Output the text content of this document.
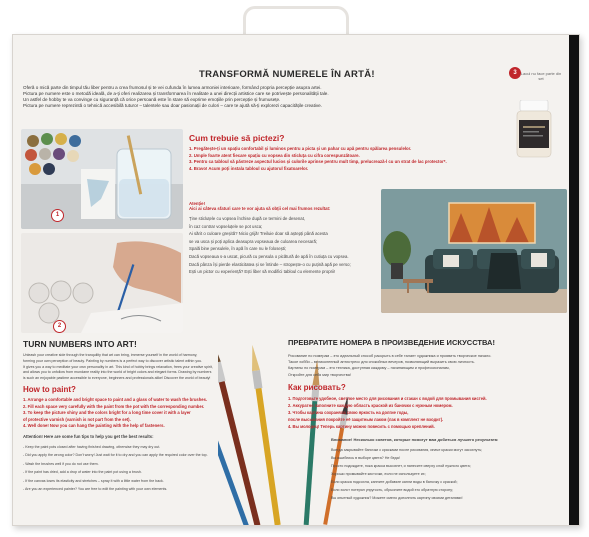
TRANSFORMĂ NUMERELE ÎN ARTĂ!
Oferă o mică parte din timpul tău liber pentru a crea frumosul și te vei cufunda în lumea armoniei interioare, formând propria percepție asupra artei.
Pictura pe numere este o metodă ideală, de a-ți oferi realizarea și transformarea în realitate a unei direcții artistice care se potrivește personalității tale.
Un astfel de hobby te va convinge cu siguranță că orice persoană este în stare să exprime emoțiile prin percepție și frumusețe.
Pictura pe numere reprezintă o tehnică accesibilă tuturor – talentele sau doar pasionații de culori – care te ajută să-ți explorezi capacitățile creative.
3	Lacul nu face parte din set
1
2
Cum trebuie să pictezi?
1. Pregătește-ți un spațiu confortabil și luminos pentru a picta și un pahar cu apă pentru spălarea pensulelor.
2. Umple foarte atent fiecare spațiu cu vopsea din sticluța cu cifra corespunzătoare.
3. Pentru ca tabloul să păstreze aspectul lucios și culorile aprinse pentru mult timp, prelucrează-l cu un strat de lac protector*.
4. Bravo! Acum poți instala tabloul cu ajutorul fixatoarelor.
Atenție!
Aici ai câteva sfaturi care te vor ajuta să obții cel mai frumos rezultat:
Ține sticluțele cu vopsea închise după ce termini de desenat,
în caz contrar vopseluțele se pot usca;
Ai sărit o culoare greșită? Nicio grijă! Treiluie doar să aștepți până acesta
se va usca și poți aplica deasupra vopseaua de culoarea necesară;
Spală bine pensulele, în apă în care nu le folosești;
Dacă vopseaua s-a uscat, picură cu pensula o picătură de apă în cutiuța cu vopsea.
Dacă pânza își pierde elasticitatea și se întinde – stropește-o cu puțină apă pe verso;
Ești un pictor cu experiență? Ești liber să modifici tabloul cu elemente proprii!
TURN NUMBERS INTO ART!
Unleash your creative side through the tranquility that art can bring, immerse yourself in the world of harmony,
forming your own perception of beauty. Painting by numbers is a perfect way to discover artistic talent within you.
It gives you a way to meditate your own personality in art. This kind of hobby brings relaxation, frees your creative spirit,
and allows you to unfollow from mundane reality into the world of bright colors and elegant forms. Drawing by numbers
is such an enjoyable pastime accessible to everyone, beginners and professionals alike! Discover the world of beauty!
How to paint?
1. Arrange a comfortable and bright space to paint and a glass of water to wash the brushes.
2. Fill each space very carefully with the paint from the pot with the corresponding number.
3. To keep the picture shiny and the colors bright for a long time cover it with a layer
of protective varnish (varnish is not part from the set).
4. Well done! Now you can hang the painting with the help of fasteners.
Attention! Here are some fun tips to help you get the best results:
- Keep the paint pots closed after having finished drawing, otherwise they may dry out.
- Did you apply the wrong color? Don't worry! Just wait for it to dry and you can apply the required color over the top.
- Wash the brushes well if you do not use them.
- If the paint has dried, add a drop of water into the paint pot using a brush.
- If the canvas loses its elasticity and stretches – spray it with a little water from the back.
- Are you an experienced painter? You are free to edit the painting with your own elements.
ПРЕВРАТИТЕ НОМЕРА В ПРОИЗВЕДЕНИЕ ИСКУССТВА!
Рисование по номерам – это идеальный способ раскрыть в себе талант художника и проявить творческое начало.
Такое хобби – великолепный антистресс для спокойных вечеров, позволяющий выразить свою личность.
Картины по номерам – это техника, доступная каждому – начинающим и профессионалам,
Откройте для себя мир творчества!
Как рисовать?
1. Подготовьте удобное, светлое место для рисования и стакан с водой для промывания кистей.
2. Аккуратно заполните каждую область краской из баночки с нужным номером.
3. Чтобы картина сохраняла свою яркость на долгие годы,
после высыхания покройте её защитным лаком (лак в комплект не входит).
4. Вы молодец! Теперь картину можно повесить с помощью креплений.
Внимание! Несколько советов, которые помогут вам добиться лучшего результата:
Всегда закрывайте баночки с красками после рисования, иначе краски могут засохнуть;
Вы ошиблись в выборе цвета? Не беда!
Просто подождите, пока краска высохнет, и нанесите сверху слой нужного цвета;
Хорошо промывайте кисточки, если не используете их;
Если краска подсохла, капните добавьте капли воды в баночку с краской;
Если холст потерял упругость, сбрызните водой его обратную сторону;
Вы опытный художник? Можете смело дополнять картину своими деталями!
